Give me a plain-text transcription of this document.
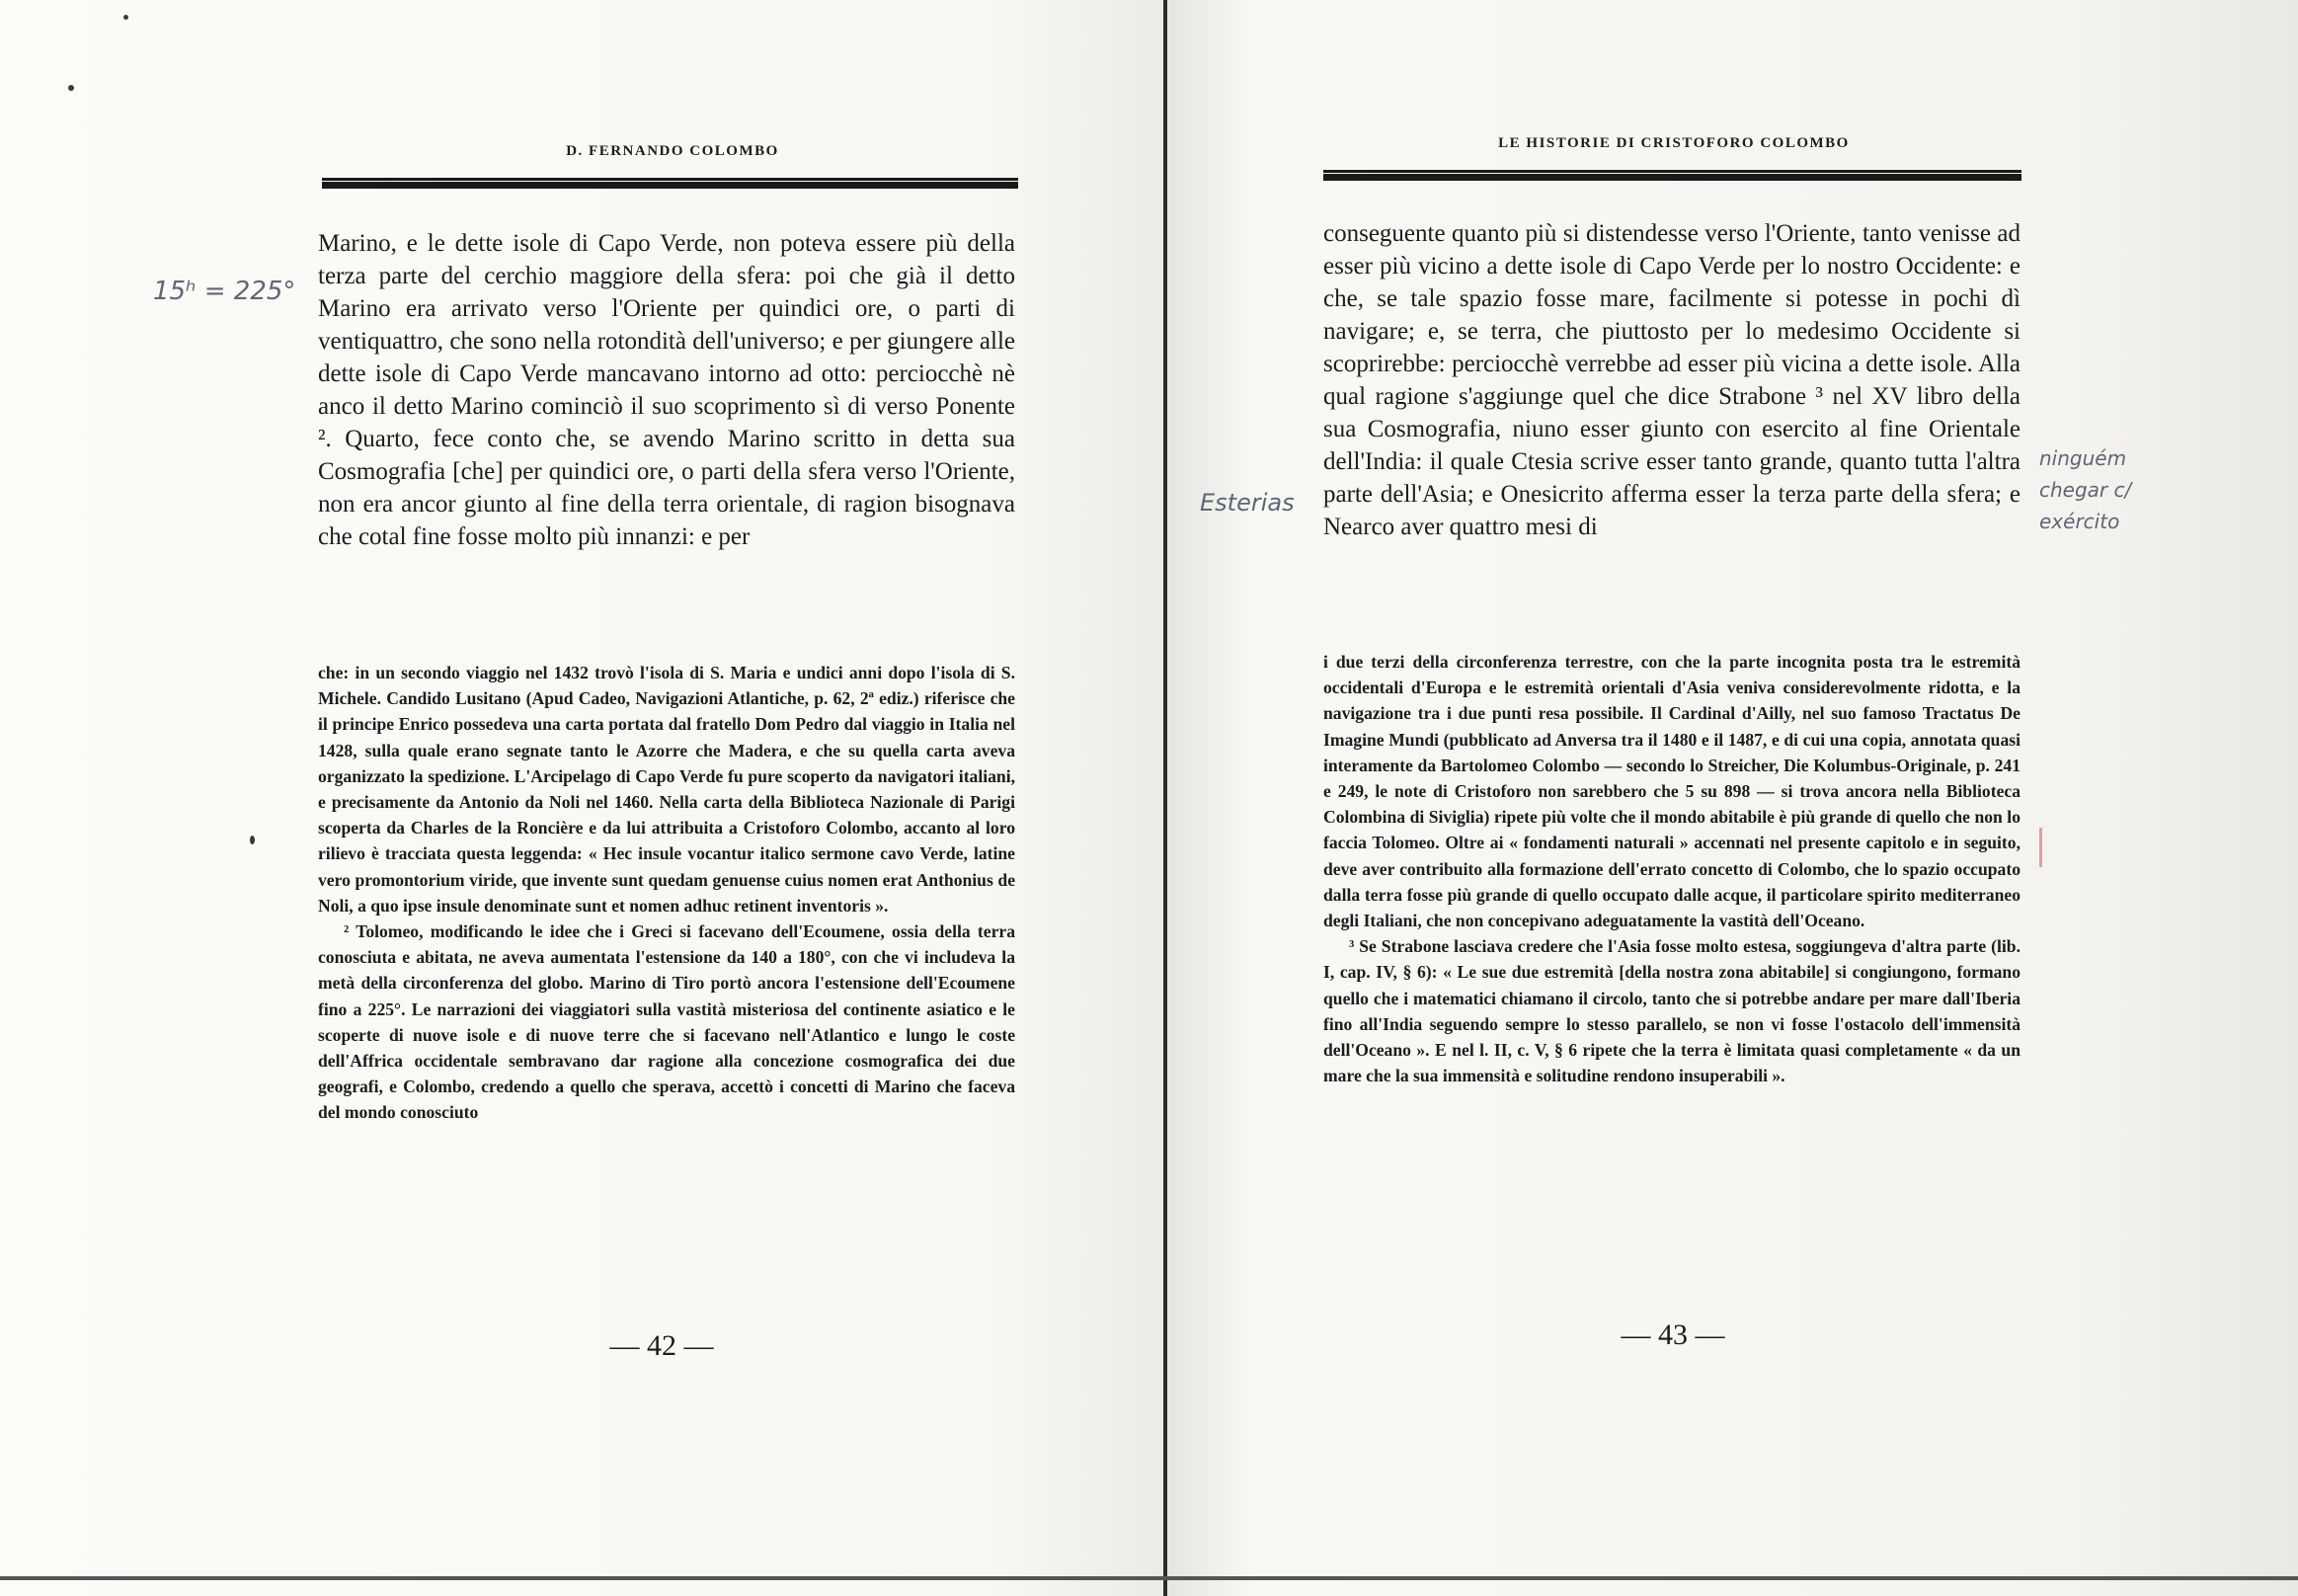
D. FERNANDO COLOMBO
15ʰ = 225°

Marino, e le dette isole di Capo Verde, non poteva essere più della terza parte del cerchio maggiore della sfera: poi che già il detto Marino era arrivato verso l'Oriente per quindici ore, o parti di ventiquattro, che sono nella rotondità dell'universo; e per giungere alle dette isole di Capo Verde mancavano intorno ad otto: perciocchè nè anco il detto Marino cominciò il suo scoprimento sì di verso Ponente ². Quarto, fece conto che, se avendo Marino scritto in detta sua Cosmografia [che] per quindici ore, o parti della sfera verso l'Oriente, non era ancor giunto al fine della terra orientale, di ragion bisognava che cotal fine fosse molto più innanzi: e per

che: in un secondo viaggio nel 1432 trovò l'isola di S. Maria e undici anni dopo l'isola di S. Michele. Candido Lusitano (Apud Cadeo, Navigazioni Atlantiche, p. 62, 2ª ediz.) riferisce che il principe Enrico possedeva una carta portata dal fratello Dom Pedro dal viaggio in Italia nel 1428, sulla quale erano segnate tanto le Azorre che Madera, e che su quella carta aveva organizzato la spedizione. L'Arcipelago di Capo Verde fu pure scoperto da navigatori italiani, e precisamente da Antonio da Noli nel 1460. Nella carta della Biblioteca Nazionale di Parigi scoperta da Charles de la Roncière e da lui attribuita a Cristoforo Colombo, accanto al loro rilievo è tracciata questa leggenda: « Hec insule vocantur italico sermone cavo Verde, latine vero promontorium viride, que invente sunt quedam genuense cuius nomen erat Anthonius de Noli, a quo ipse insule denominate sunt et nomen adhuc retinent inventoris ».

² Tolomeo, modificando le idee che i Greci si facevano dell'Ecoumene, ossia della terra conosciuta e abitata, ne aveva aumentata l'estensione da 140 a 180°, con che vi includeva la metà della circonferenza del globo. Marino di Tiro portò ancora l'estensione dell'Ecoumene fino a 225°. Le narrazioni dei viaggiatori sulla vastità misteriosa del continente asiatico e le scoperte di nuove isole e di nuove terre che si facevano nell'Atlantico e lungo le coste dell'Affrica occidentale sembravano dar ragione alla concezione cosmografica dei due geografi, e Colombo, credendo a quello che sperava, accettò i concetti di Marino che faceva del mondo conosciuto

— 42 —
LE HISTORIE DI CRISTOFORO COLOMBO
Esterias
ninguém chegar c/ exército

conseguente quanto più si distendesse verso l'Oriente, tanto venisse ad esser più vicino a dette isole di Capo Verde per lo nostro Occidente: e che, se tale spazio fosse mare, facilmente si potesse in pochi dì navigare; e, se terra, che piuttosto per lo medesimo Occidente si scoprirebbe: perciocchè verrebbe ad esser più vicina a dette isole. Alla qual ragione s'aggiunge quel che dice Strabone ³ nel XV libro della sua Cosmografia, niuno esser giunto con esercito al fine Orientale dell'India: il quale Ctesia scrive esser tanto grande, quanto tutta l'altra parte dell'Asia; e Onesicrito afferma esser la terza parte della sfera; e Nearco aver quattro mesi di

i due terzi della circonferenza terrestre, con che la parte incognita posta tra le estremità occidentali d'Europa e le estremità orientali d'Asia veniva considerevolmente ridotta, e la navigazione tra i due punti resa possibile. Il Cardinal d'Ailly, nel suo famoso Tractatus De Imagine Mundi (pubblicato ad Anversa tra il 1480 e il 1487, e di cui una copia, annotata quasi interamente da Bartolomeo Colombo — secondo lo Streicher, Die Kolumbus-Originale, p. 241 e 249, le note di Cristoforo non sarebbero che 5 su 898 — si trova ancora nella Biblioteca Colombina di Siviglia) ripete più volte che il mondo abitabile è più grande di quello che non lo faccia Tolomeo. Oltre ai « fondamenti naturali » accennati nel presente capitolo e in seguito, deve aver contribuito alla formazione dell'errato concetto di Colombo, che lo spazio occupato dalla terra fosse più grande di quello occupato dalle acque, il particolare spirito mediterraneo degli Italiani, che non concepivano adeguatamente la vastità dell'Oceano.

³ Se Strabone lasciava credere che l'Asia fosse molto estesa, soggiungeva d'altra parte (lib. I, cap. IV, § 6): « Le sue due estremità [della nostra zona abitabile] si congiungono, formano quello che i matematici chiamano il circolo, tanto che si potrebbe andare per mare dall'Iberia fino all'India seguendo sempre lo stesso parallelo, se non vi fosse l'ostacolo dell'immensità dell'Oceano ». E nel l. II, c. V, § 6 ripete che la terra è limitata quasi completamente « da un mare che la sua immensità e solitudine rendono insuperabili ».

— 43 —
